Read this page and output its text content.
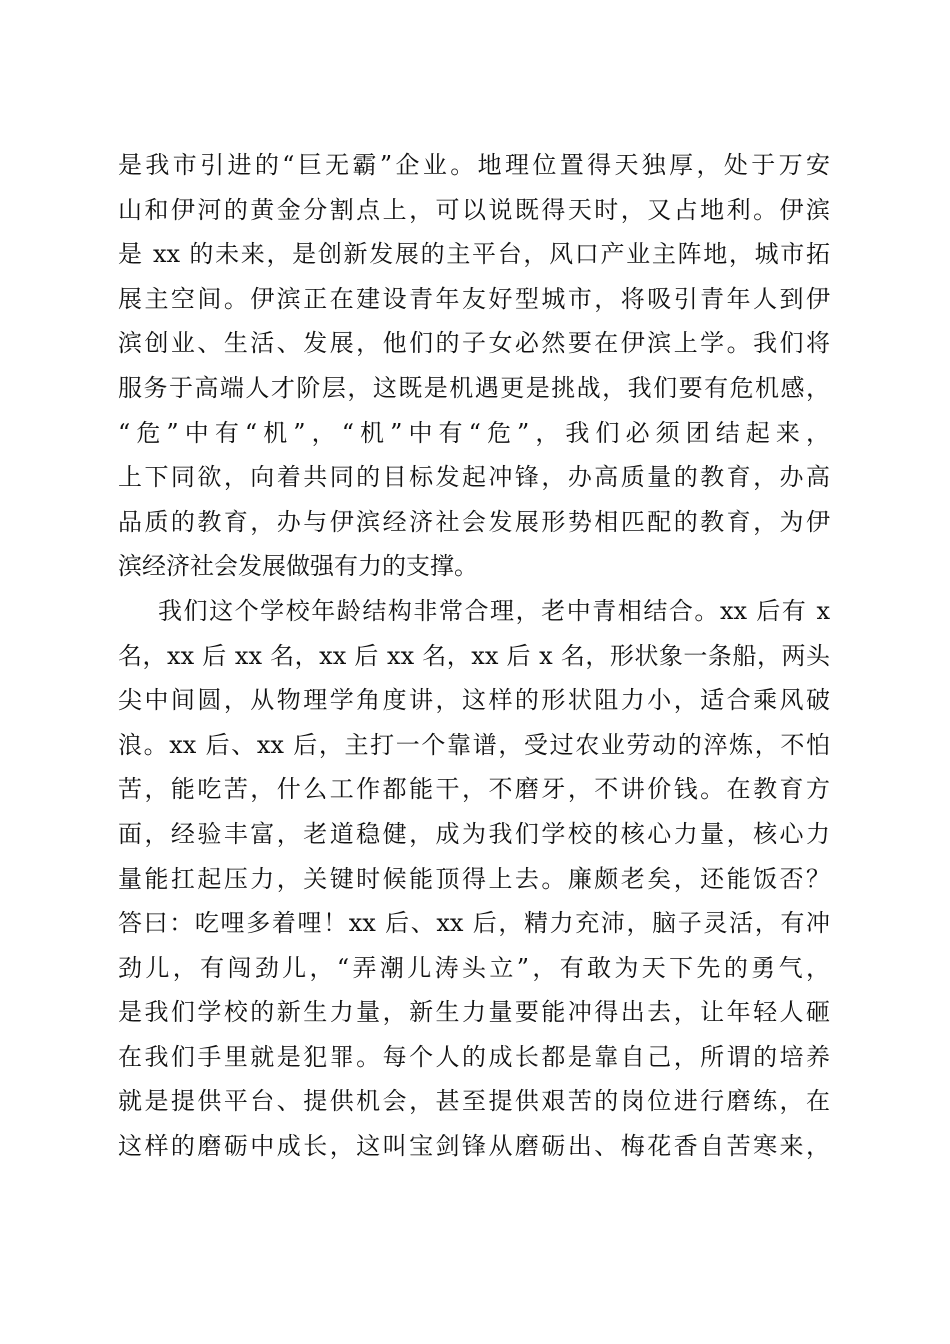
是我市引进的“巨无霸”企业。地理位置得天独厚，处于万安
山和伊河的黄金分割点上，可以说既得天时，又占地利。伊滨
是 xx 的未来，是创新发展的主平台，风口产业主阵地，城市拓
展主空间。伊滨正在建设青年友好型城市，将吸引青年人到伊
滨创业、生活、发展，他们的子女必然要在伊滨上学。我们将
服务于高端人才阶层，这既是机遇更是挑战，我们要有危机感，
“危”中有“机”，“机”中有“危”，我们必须团结起来，
上下同欲，向着共同的目标发起冲锋，办高质量的教育，办高
品质的教育，办与伊滨经济社会发展形势相匹配的教育，为伊
滨经济社会发展做强有力的支撑。
我们这个学校年龄结构非常合理，老中青相结合。xx 后有 x
名，xx 后 xx 名，xx 后 xx 名，xx 后 x 名，形状象一条船，两头
尖中间圆，从物理学角度讲，这样的形状阻力小，适合乘风破
浪。xx 后、xx 后，主打一个靠谱，受过农业劳动的淬炼，不怕
苦，能吃苦，什么工作都能干，不磨牙，不讲价钱。在教育方
面，经验丰富，老道稳健，成为我们学校的核心力量，核心力
量能扛起压力，关键时候能顶得上去。廉颇老矣，还能饭否？
答曰：吃哩多着哩！xx 后、xx 后，精力充沛，脑子灵活，有冲
劲儿，有闯劲儿，“弄潮儿涛头立”，有敢为天下先的勇气，
是我们学校的新生力量，新生力量要能冲得出去，让年轻人砸
在我们手里就是犯罪。每个人的成长都是靠自己，所谓的培养
就是提供平台、提供机会，甚至提供艰苦的岗位进行磨练，在
这样的磨砺中成长，这叫宝剑锋从磨砺出、梅花香自苦寒来，
